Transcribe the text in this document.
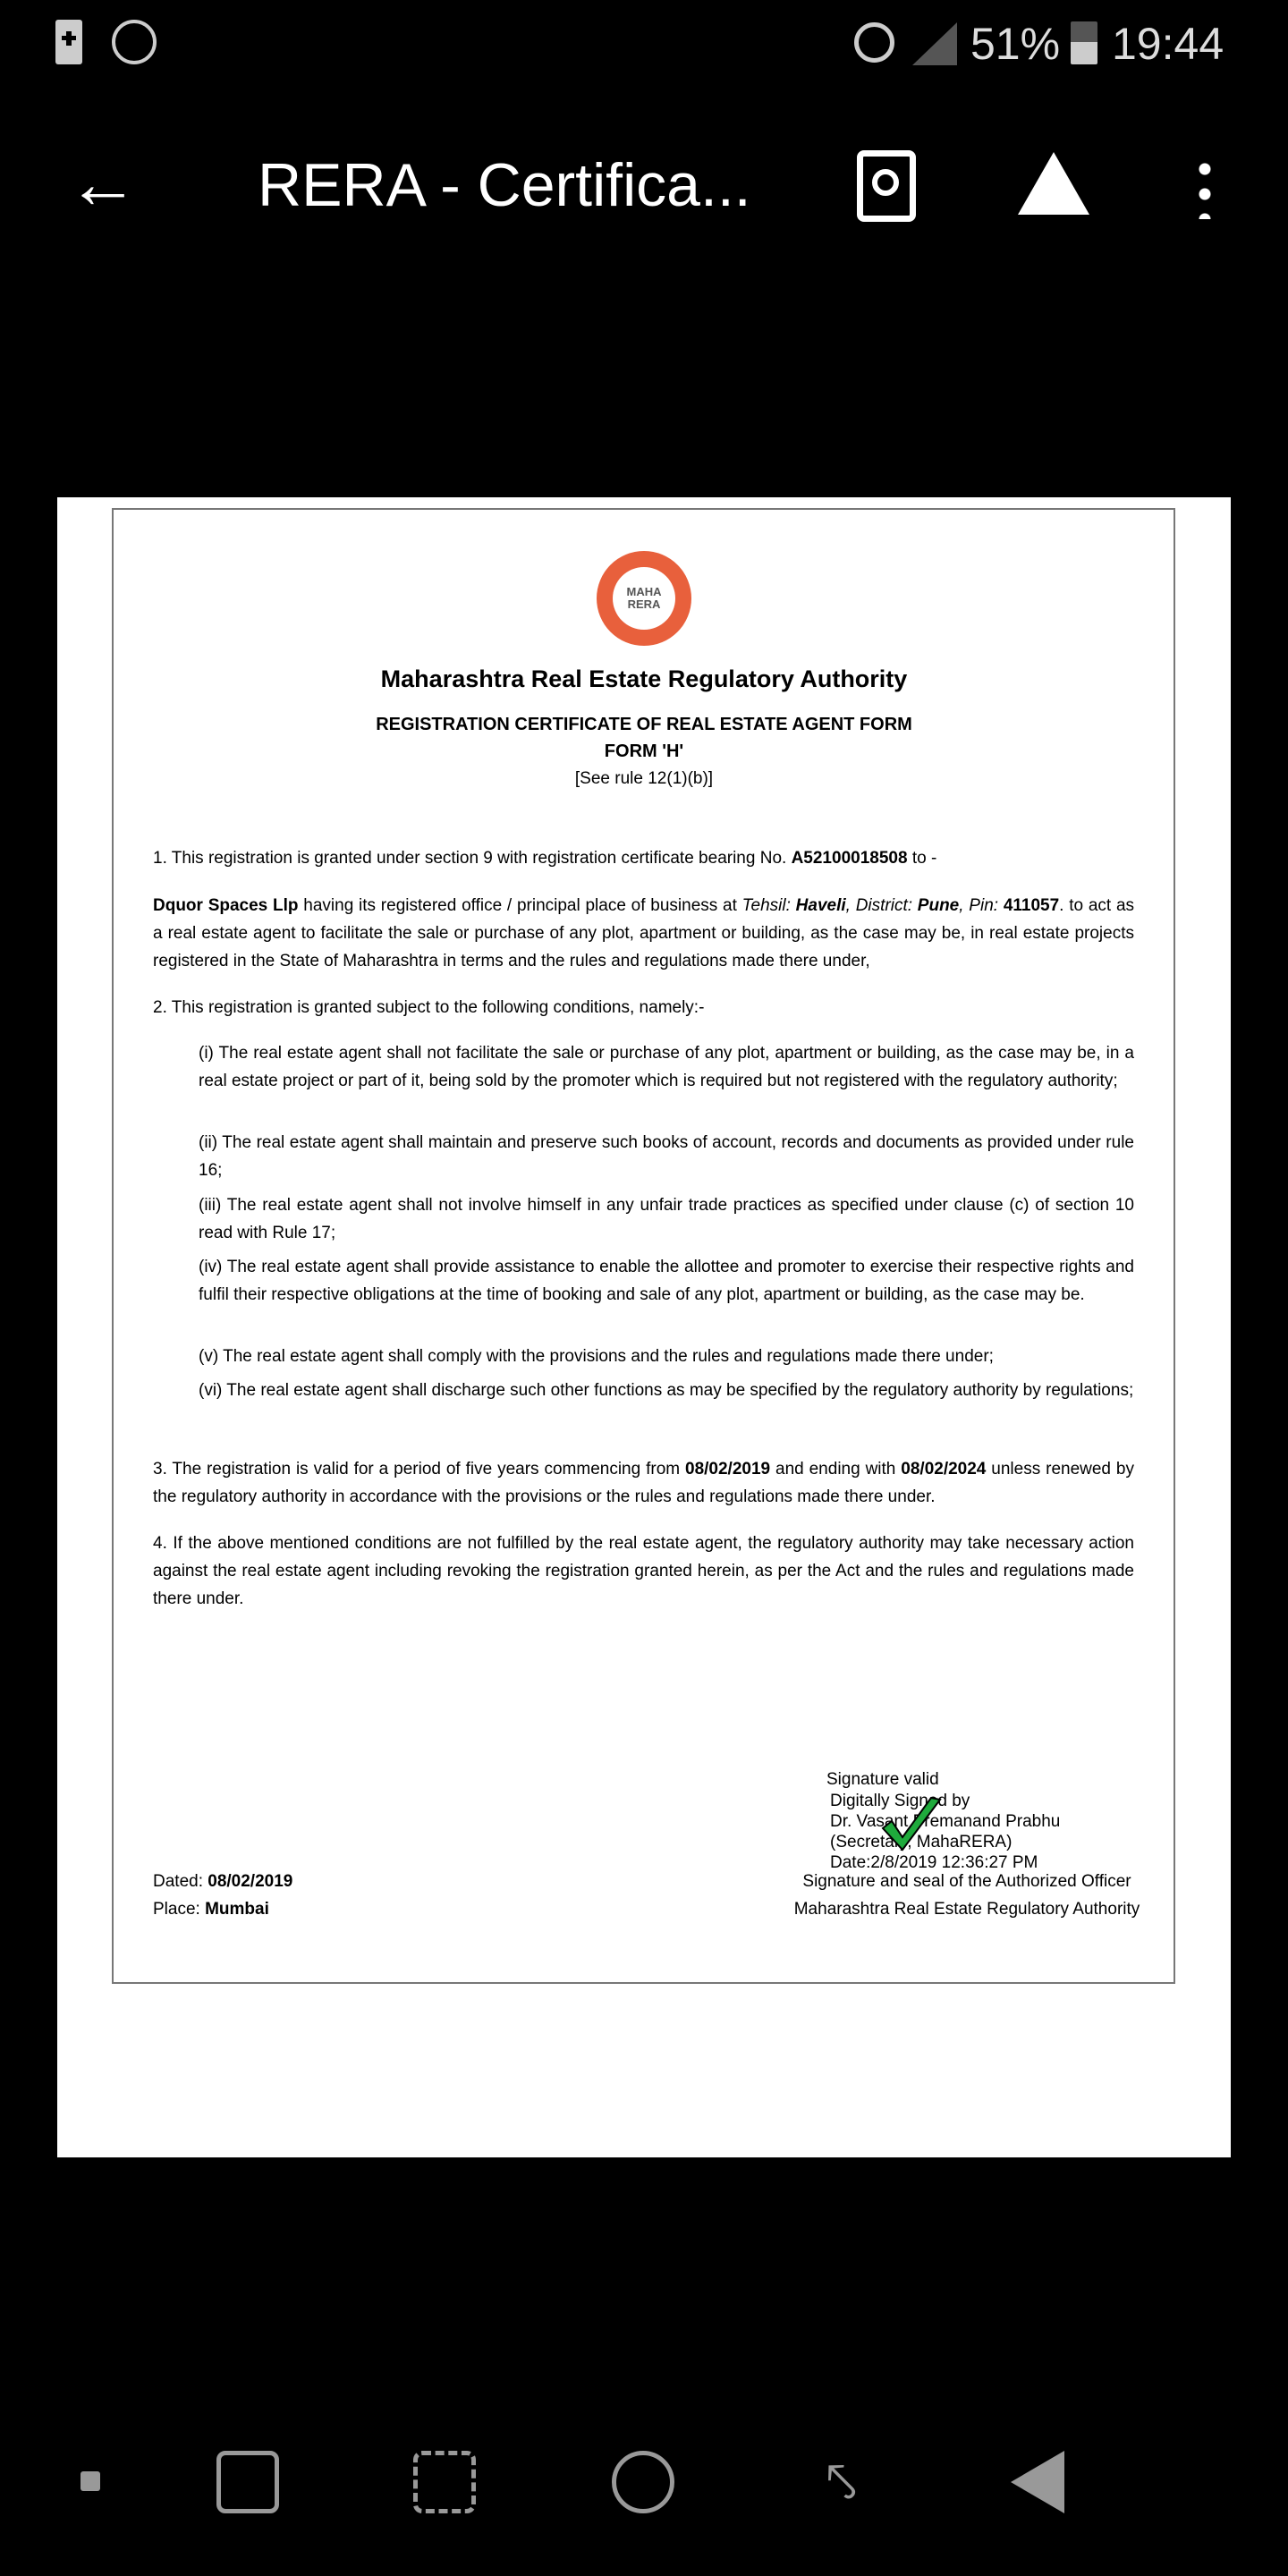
51% 19:44
← RERA - Certifica...
MAHA
RERA
Maharashtra Real Estate Regulatory Authority
REGISTRATION CERTIFICATE OF REAL ESTATE AGENT FORM
FORM 'H'
[See rule 12(1)(b)]
1. This registration is granted under section 9 with registration certificate bearing No. A52100018508 to -
Dquor Spaces Llp having its registered office / principal place of business at Tehsil: Haveli, District: Pune, Pin: 411057. to act as a real estate agent to facilitate the sale or purchase of any plot, apartment or building, as the case may be, in real estate projects registered in the State of Maharashtra in terms and the rules and regulations made there under,
2. This registration is granted subject to the following conditions, namely:-
(i) The real estate agent shall not facilitate the sale or purchase of any plot, apartment or building, as the case may be, in a real estate project or part of it, being sold by the promoter which is required but not registered with the regulatory authority;
(ii) The real estate agent shall maintain and preserve such books of account, records and documents as provided under rule 16;
(iii) The real estate agent shall not involve himself in any unfair trade practices as specified under clause (c) of section 10 read with Rule 17;
(iv) The real estate agent shall provide assistance to enable the allottee and promoter to exercise their respective rights and fulfil their respective obligations at the time of booking and sale of any plot, apartment or building, as the case may be.
(v) The real estate agent shall comply with the provisions and the rules and regulations made there under;
(vi) The real estate agent shall discharge such other functions as may be specified by the regulatory authority by regulations;
3. The registration is valid for a period of five years commencing from 08/02/2019 and ending with 08/02/2024 unless renewed by the regulatory authority in accordance with the provisions or the rules and regulations made there under.
4. If the above mentioned conditions are not fulfilled by the real estate agent, the regulatory authority may take necessary action against the real estate agent including revoking the registration granted herein, as per the Act and the rules and regulations made there under.
Signature valid
Digitally Signed by
Dr. Vasant Premanand Prabhu
(Secretary, MahaRERA)
Date:2/8/2019 12:36:27 PM
Dated: 08/02/2019
Place: Mumbai
Signature and seal of the Authorized Officer
Maharashtra Real Estate Regulatory Authority
⤣
